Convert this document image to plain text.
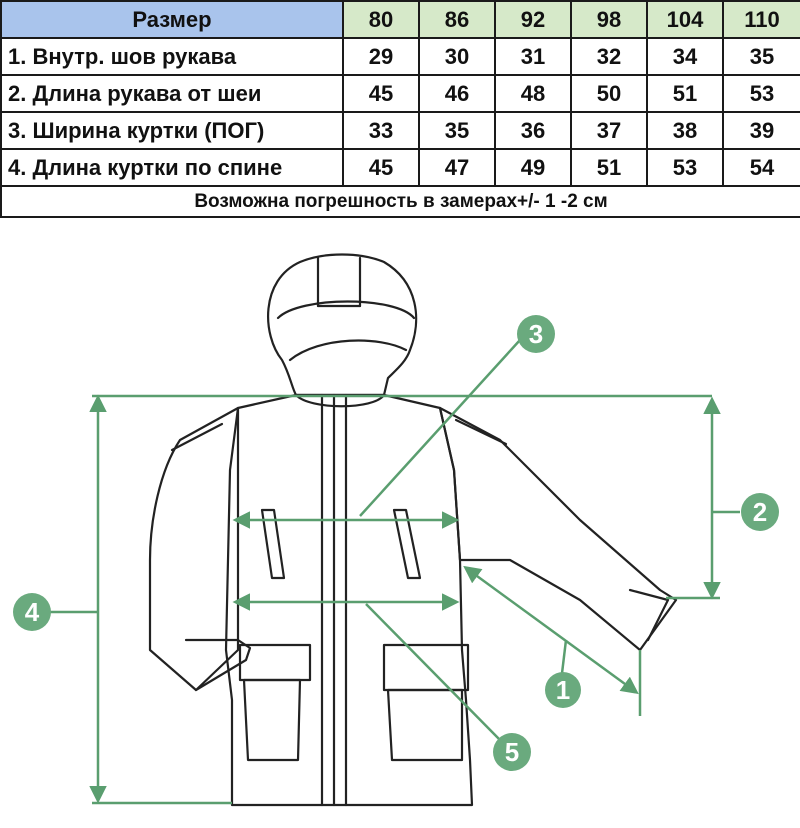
Размер	80	86	92	98	104	110
1. Внутр. шов рукава	29	30	31	32	34	35
2. Длина рукава от шеи	45	46	48	50	51	53
3. Ширина куртки (ПОГ)	33	35	36	37	38	39
4. Длина куртки по спине	45	47	49	51	53	54
Возможна погрешность в замерах+/- 1 -2 см						
1
2
3
4
5
